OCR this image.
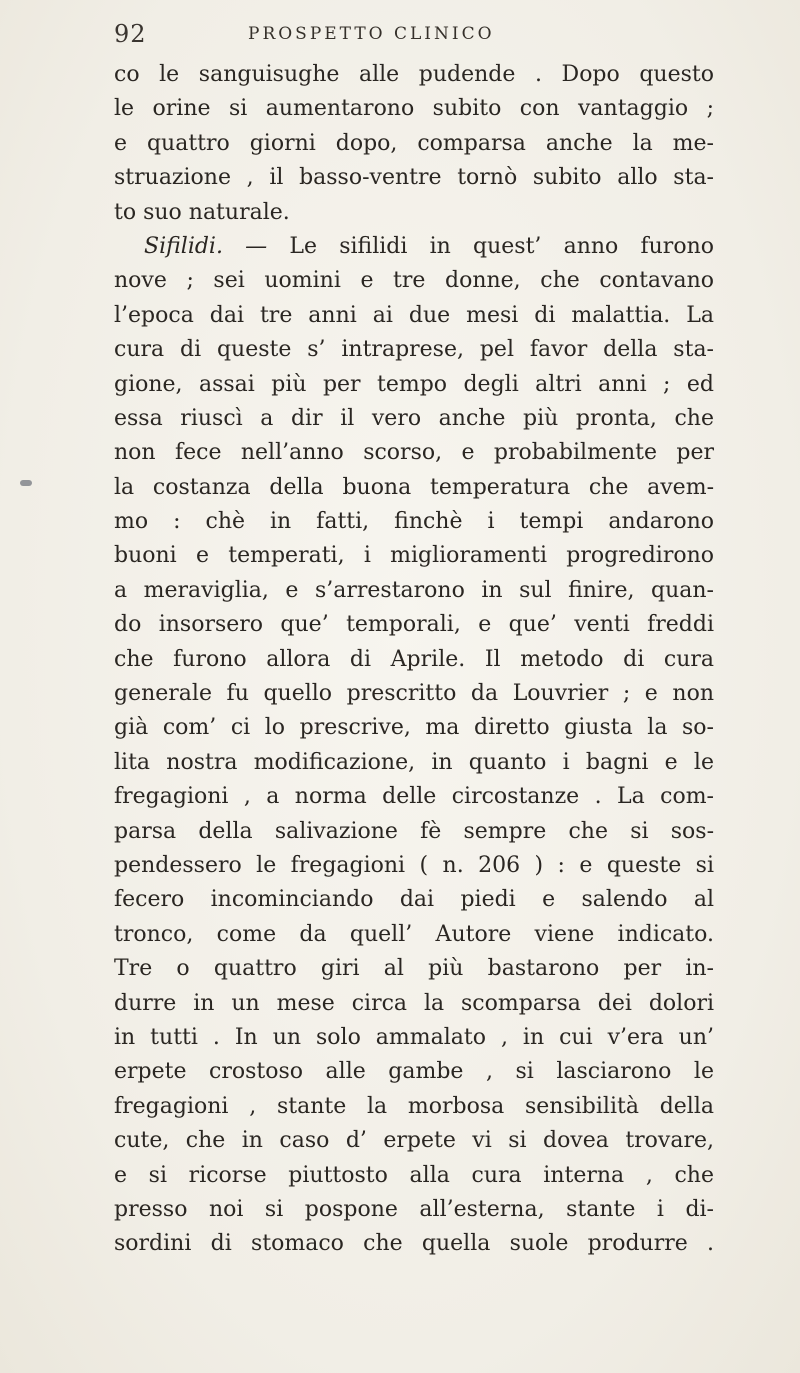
92	PROSPETTO CLINICO
co le sanguisughe alle pudende . Dopo questo
le orine si aumentarono subito con vantaggio ;
e quattro giorni dopo, comparsa anche la me-
struazione , il basso-ventre tornò subito allo sta-
to suo naturale.
Sifilidi. — Le sifilidi in quest’ anno furono
nove ; sei uomini e tre donne, che contavano
l’epoca dai tre anni ai due mesi di malattia. La
cura di queste s’ intraprese, pel favor della sta-
gione, assai più per tempo degli altri anni ; ed
essa riuscì a dir il vero anche più pronta, che
non fece nell’anno scorso, e probabilmente per
la costanza della buona temperatura che avem-
mo : chè in fatti, finchè i tempi andarono
buoni e temperati, i miglioramenti progredirono
a meraviglia, e s’arrestarono in sul finire, quan-
do insorsero que’ temporali, e que’ venti freddi
che furono allora di Aprile. Il metodo di cura
generale fu quello prescritto da Louvrier ; e non
già com’ ci lo prescrive, ma diretto giusta la so-
lita nostra modificazione, in quanto i bagni e le
fregagioni , a norma delle circostanze . La com-
parsa della salivazione fè sempre che si sos-
pendessero le fregagioni ( n. 206 ) : e queste si
fecero incominciando dai piedi e salendo al
tronco, come da quell’ Autore viene indicato.
Tre o quattro giri al più bastarono per in-
durre in un mese circa la scomparsa dei dolori
in tutti . In un solo ammalato , in cui v’era un’
erpete crostoso alle gambe , si lasciarono le
fregagioni , stante la morbosa sensibilità della
cute, che in caso d’ erpete vi si dovea trovare,
e si ricorse piuttosto alla cura interna , che
presso noi si pospone all’esterna, stante i di-
sordini di stomaco che quella suole produrre .
